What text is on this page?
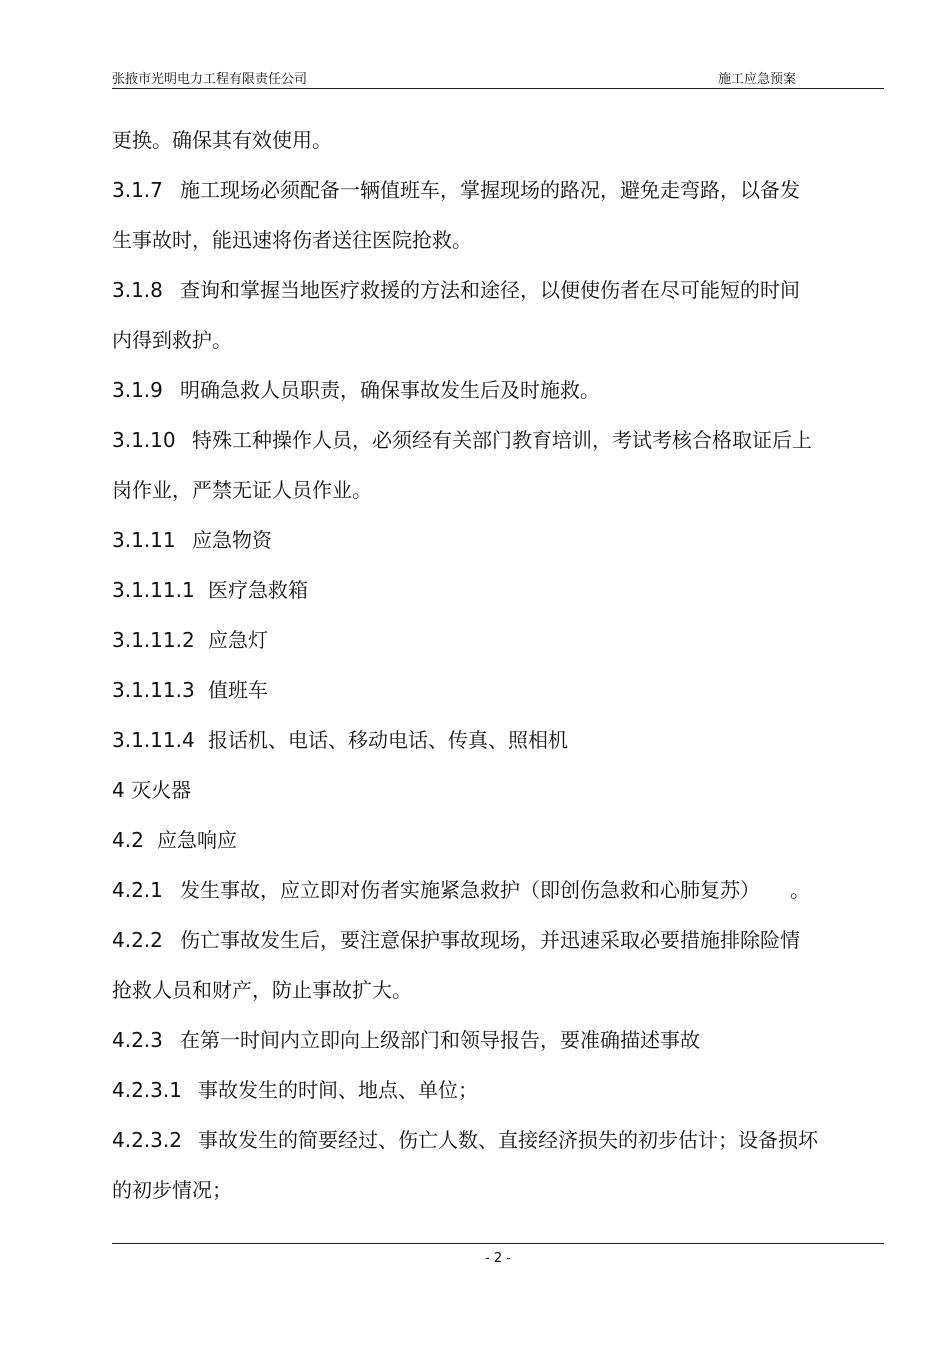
张掖市光明电力工程有限责任公司	施工应急预案
更换。确保其有效使用。
3.1.7 施工现场必须配备一辆值班车，掌握现场的路况，避免走弯路，以备发
生事故时，能迅速将伤者送往医院抢救。
3.1.8 查询和掌握当地医疗救援的方法和途径，以便使伤者在尽可能短的时间
内得到救护。
3.1.9 明确急救人员职责，确保事故发生后及时施救。
3.1.10 特殊工种操作人员，必须经有关部门教育培训，考试考核合格取证后上
岗作业，严禁无证人员作业。
3.1.11 应急物资
3.1.11.1 医疗急救箱
3.1.11.2 应急灯
3.1.11.3 值班车
3.1.11.4 报话机、电话、移动电话、传真、照相机
4 灭火器
4.2 应急响应
4.2.1 发生事故，应立即对伤者实施紧急救护（即创伤急救和心肺复苏）　　。
4.2.2 伤亡事故发生后，要注意保护事故现场，并迅速采取必要措施排除险情
抢救人员和财产，防止事故扩大。
4.2.3 在第一时间内立即向上级部门和领导报告，要准确描述事故
4.2.3.1 事故发生的时间、地点、单位；
4.2.3.2 事故发生的简要经过、伤亡人数、直接经济损失的初步估计；设备损坏
的初步情况；
- 2 -
